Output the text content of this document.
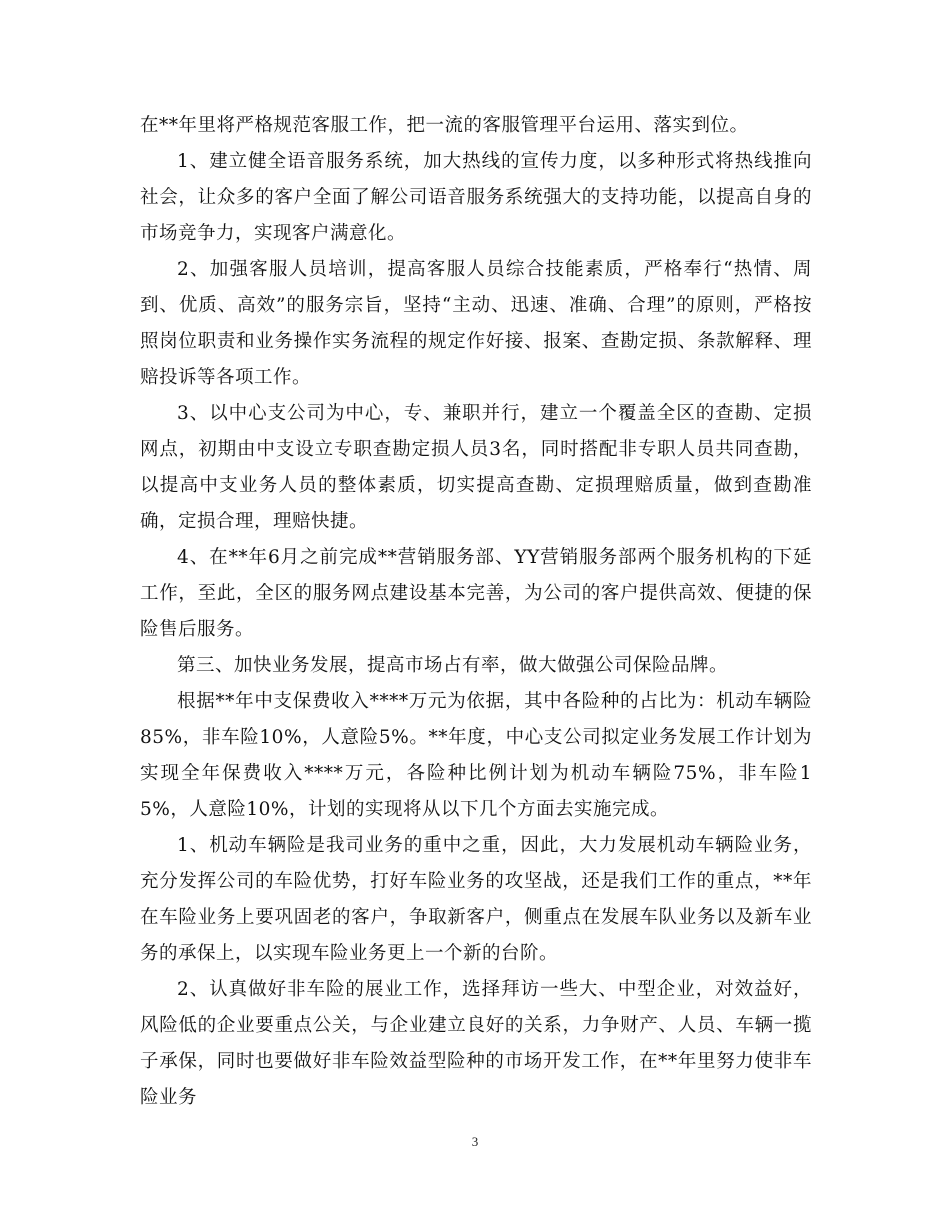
在**年里将严格规范客服工作，把一流的客服管理平台运用、落实到位。

1、建立健全语音服务系统，加大热线的宣传力度，以多种形式将热线推向社会，让众多的客户全面了解公司语音服务系统强大的支持功能，以提高自身的市场竞争力，实现客户满意化。

2、加强客服人员培训，提高客服人员综合技能素质，严格奉行“热情、周到、优质、高效”的服务宗旨，坚持“主动、迅速、准确、合理”的原则，严格按照岗位职责和业务操作实务流程的规定作好接、报案、查勘定损、条款解释、理赔投诉等各项工作。

3、以中心支公司为中心，专、兼职并行，建立一个覆盖全区的查勘、定损网点，初期由中支设立专职查勘定损人员3名，同时搭配非专职人员共同查勘，以提高中支业务人员的整体素质，切实提高查勘、定损理赔质量，做到查勘准确，定损合理，理赔快捷。

4、在**年6月之前完成**营销服务部、YY营销服务部两个服务机构的下延工作，至此，全区的服务网点建设基本完善，为公司的客户提供高效、便捷的保险售后服务。

第三、加快业务发展，提高市场占有率，做大做强公司保险品牌。

根据**年中支保费收入****万元为依据，其中各险种的占比为：机动车辆险85%，非车险10%，人意险5%。**年度，中心支公司拟定业务发展工作计划为实现全年保费收入****万元，各险种比例计划为机动车辆险75%，非车险15%，人意险10%，计划的实现将从以下几个方面去实施完成。

1、机动车辆险是我司业务的重中之重，因此，大力发展机动车辆险业务，充分发挥公司的车险优势，打好车险业务的攻坚战，还是我们工作的重点，**年在车险业务上要巩固老的客户，争取新客户，侧重点在发展车队业务以及新车业务的承保上，以实现车险业务更上一个新的台阶。

2、认真做好非车险的展业工作，选择拜访一些大、中型企业，对效益好，风险低的企业要重点公关，与企业建立良好的关系，力争财产、人员、车辆一揽子承保，同时也要做好非车险效益型险种的市场开发工作，在**年里努力使非车险业务

3
